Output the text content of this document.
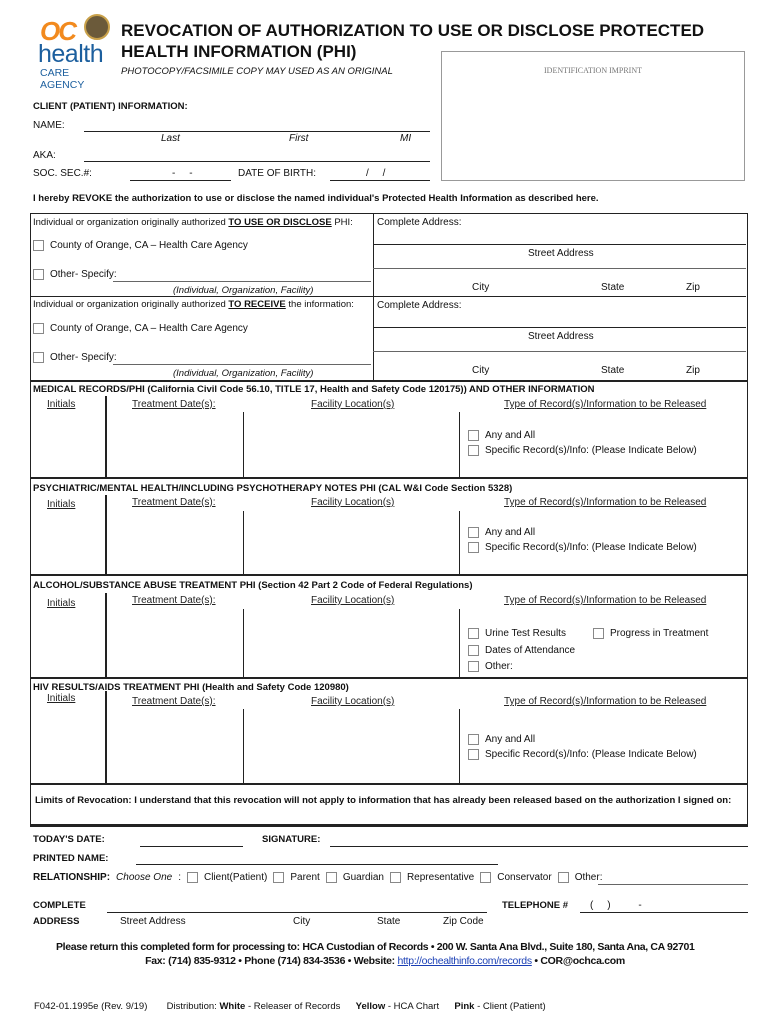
OC
health
CARE AGENCY
REVOCATION OF AUTHORIZATION TO USE OR DISCLOSE PROTECTED
HEALTH INFORMATION (PHI)
PHOTOCOPY/FACSIMILE COPY MAY USED AS AN ORIGINAL	IDENTIFICATION IMPRINT
CLIENT (PATIENT) INFORMATION:
NAME:
Last	First	MI
AKA:
SOC. SEC.#:	-     -	DATE OF BIRTH:	/     /
I hereby REVOKE the authorization to use or disclose the named individual's Protected Health Information as described here.
Individual or organization originally authorized TO USE OR DISCLOSE PHI:
County of Orange, CA – Health Care Agency
Other- Specify:
(Individual, Organization, Facility)
Complete Address:
Street Address
City	State	Zip
Individual or organization originally authorized TO RECEIVE the information:
County of Orange, CA – Health Care Agency
Other- Specify:
(Individual, Organization, Facility)
Complete Address:
Street Address
City	State	Zip
MEDICAL RECORDS/PHI (California Civil Code 56.10, TITLE 17, Health and Safety Code 120175)) AND OTHER INFORMATION
Initials	Treatment Date(s):	Facility Location(s)	Type of Record(s)/Information to be Released
Any and All
Specific Record(s)/Info: (Please Indicate Below)
PSYCHIATRIC/MENTAL HEALTH/INCLUDING PSYCHOTHERAPY NOTES PHI (CAL W&I Code Section 5328)
Initials	Treatment Date(s):	Facility Location(s)	Type of Record(s)/Information to be Released
Any and All
Specific Record(s)/Info: (Please Indicate Below)
ALCOHOL/SUBSTANCE ABUSE TREATMENT PHI (Section 42 Part 2 Code of Federal Regulations)
Initials	Treatment Date(s):	Facility Location(s)	Type of Record(s)/Information to be Released
Urine Test Results	Progress in Treatment
Dates of Attendance
Other:
HIV RESULTS/AIDS TREATMENT PHI (Health and Safety Code 120980)
Initials	Treatment Date(s):	Facility Location(s)	Type of Record(s)/Information to be Released
Any and All
Specific Record(s)/Info: (Please Indicate Below)
Limits of Revocation: I understand that this revocation will not apply to information that has already been released based on the authorization I signed on:
TODAY'S DATE:	SIGNATURE:
PRINTED NAME:
RELATIONSHIP: Choose One : Client(Patient) Parent Guardian Representative Conservator Other:
COMPLETE
ADDRESS	Street Address	City	State	Zip Code
TELEPHONE # (     )          -
Please return this completed form for processing to: HCA Custodian of Records • 200 W. Santa Ana Blvd., Suite 180, Santa Ana, CA 92701
Fax: (714) 835-9312 • Phone (714) 834-3536 • Website: http://ochealthinfo.com/records • COR@ochca.com
F042-01.1995e (Rev. 9/19) Distribution: White - Releaser of Records Yellow - HCA Chart Pink - Client (Patient)
